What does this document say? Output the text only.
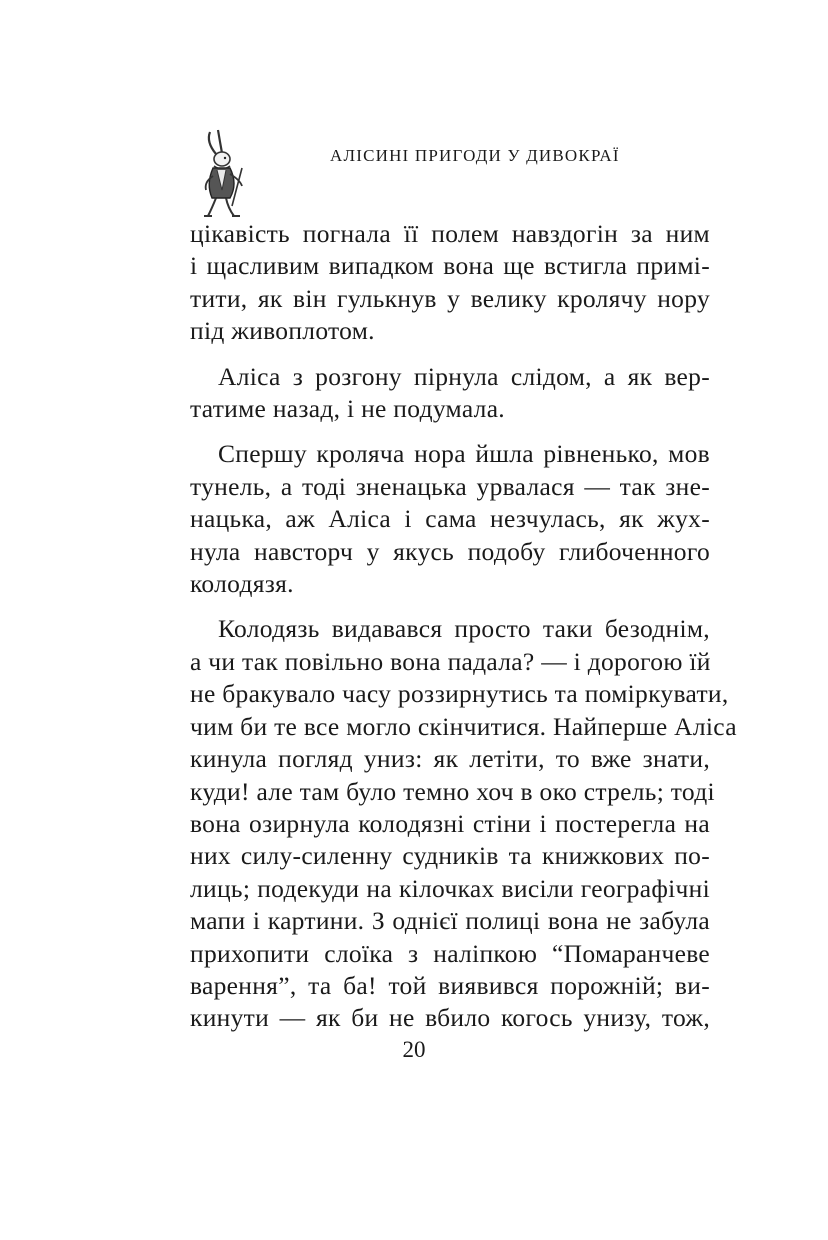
АЛІСИНІ ПРИГОДИ У ДИВОКРАЇ

цікавість погнала її полем навздогін за ним
і щасливим випадком вона ще встигла примі-
тити, як він гулькнув у велику кролячу нору
під живоплотом.

Аліса з розгону пірнула слідом, а як вер-
татиме назад, і не подумала.

Спершу кроляча нора йшла рівненько, мов
тунель, а тоді зненацька урвалася — так зне-
нацька, аж Аліса і сама незчулась, як жух-
нула навсторч у якусь подобу глибоченного
колодязя.

Колодязь видавався просто таки безоднім,
а чи так повільно вона падала? — і дорогою їй
не бракувало часу роззирнутись та поміркувати,
чим би те все могло скінчитися. Найперше Аліса
кинула погляд униз: як летіти, то вже знати,
куди! але там було темно хоч в око стрель; тоді
вона озирнула колодязні стіни і постерегла на
них силу-силенну судників та книжкових по-
лиць; подекуди на кілочках висіли географічні
мапи і картини. З однієї полиці вона не забула
прихопити слоїка з наліпкою “Помаранчеве
варення”, та ба! той виявився порожній; ви-
кинути — як би не вбило когось унизу, тож,

20
